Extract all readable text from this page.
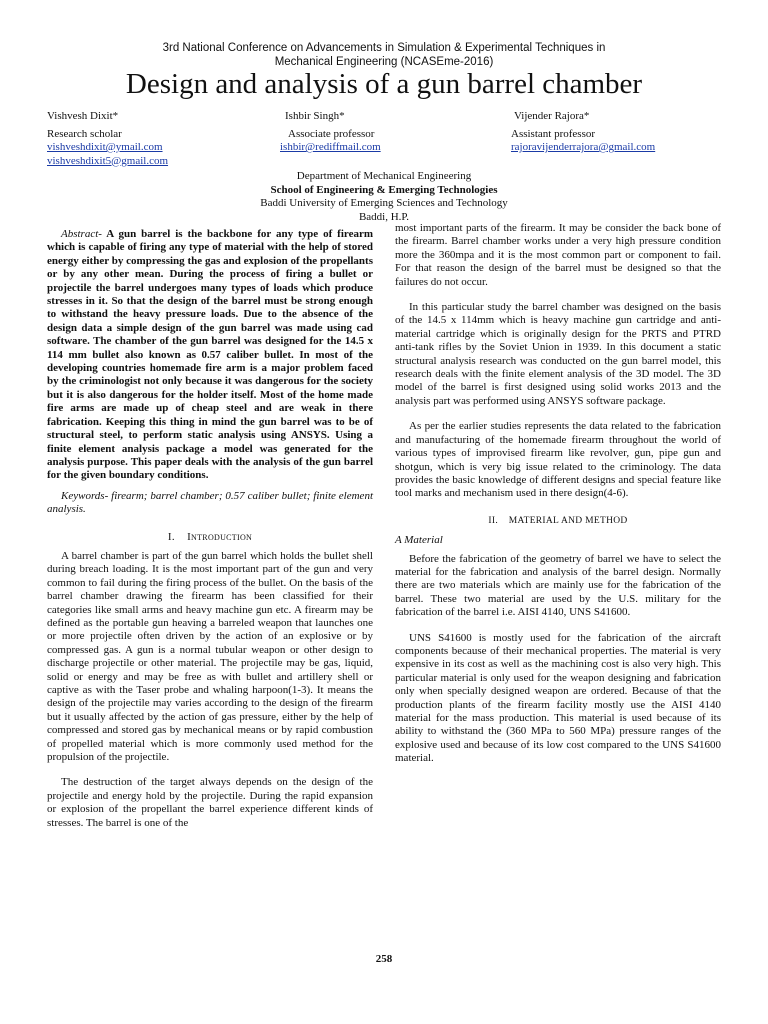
3rd National Conference on Advancements in Simulation & Experimental Techniques in
Mechanical Engineering (NCASEme-2016)
Design and analysis of a gun barrel chamber
Vishvesh Dixit*
Research scholar
vishveshdixit@ymail.com
vishveshdixit5@gmail.com
Ishbir Singh*
Associate professor
ishbir@rediffmail.com
Vijender Rajora*
Assistant professor
rajoravijenderrajora@gmail.com
Department of Mechanical Engineering
School of Engineering & Emerging Technologies
Baddi University of Emerging Sciences and Technology
Baddi, H.P.

Abstract- A gun barrel is the backbone for any type of firearm which is capable of firing any type of material with the help of stored energy either by compressing the gas and explosion of the propellants or by any other mean. During the process of firing a bullet or projectile the barrel undergoes many types of loads which produce stresses in it. So that the design of the barrel must be strong enough to withstand the heavy pressure loads. Due to the absence of the design data a simple design of the gun barrel was made using cad software. The chamber of the gun barrel was designed for the 14.5 x 114 mm bullet also known as 0.57 caliber bullet. In most of the developing countries homemade fire arm is a major problem faced by the criminologist not only because it was dangerous for the society but it is also dangerous for the holder itself. Most of the home made fire arms are made up of cheap steel and are weak in there fabrication. Keeping this thing in mind the gun barrel was to be of structural steel, to perform static analysis using ANSYS. Using a finite element analysis package a model was generated for the analysis purpose. This paper deals with the analysis of the gun barrel for the given boundary conditions.

Keywords- firearm; barrel chamber; 0.57 caliber bullet; finite element analysis.

I. Introduction

A barrel chamber is part of the gun barrel which holds the bullet shell during breach loading. It is the most important part of the gun and very common to fail during the firing process of the bullet. On the basis of the barrel chamber drawing the firearm has been classified for their categories like small arms and heavy machine gun etc. A firearm may be defined as the portable gun heaving a barreled weapon that launches one or more projectile often driven by the action of an explosive or by compressed gas. A gun is a normal tubular weapon or other design to discharge projectile or other material. The projectile may be gas, liquid, solid or energy and may be free as with bullet and artillery shell or captive as with the Taser probe and whaling harpoon(1-3). It means the design of the projectile may varies according to the design of the firearm but it usually affected by the action of gas pressure, either by the help of compressed and stored gas by mechanical means or by rapid combustion of propelled material which is more commonly used method for the propulsion of the projectile.

The destruction of the target always depends on the design of the projectile and energy hold by the projectile. During the rapid expansion or explosion of the propellant the barrel experience different kinds of stresses. The barrel is one of the

most important parts of the firearm. It may be consider the back bone of the firearm. Barrel chamber works under a very high pressure condition more the 360mpa and it is the most common part or component to fail. For that reason the design of the barrel must be designed so that the failures do not occur.

In this particular study the barrel chamber was designed on the basis of the 14.5 x 114mm which is heavy machine gun cartridge and anti-material cartridge which is originally design for the PRTS and PTRD anti-tank rifles by the Soviet Union in 1939. In this document a static structural analysis research was conducted on the gun barrel model, this research deals with the finite element analysis of the 3D model. The 3D model of the barrel is first designed using solid works 2013 and the analysis part was performed using ANSYS software package.

As per the earlier studies represents the data related to the fabrication and manufacturing of the homemade firearm throughout the world of various types of improvised firearm like revolver, gun, pipe gun and shotgun, which is very big issue related to the criminology. The data provides the basic knowledge of different designs and special feature like tool marks and mechanism used in there design(4-6).

II. MATERIAL AND METHOD
A Material

Before the fabrication of the geometry of barrel we have to select the material for the fabrication and analysis of the barrel design. Normally there are two materials which are mainly use for the fabrication of the barrel. These two material are used by the U.S. military for the fabrication of the barrel i.e. AISI 4140, UNS S41600.

UNS S41600 is mostly used for the fabrication of the aircraft components because of their mechanical properties. The material is very expensive in its cost as well as the machining cost is also very high. This particular material is only used for the weapon designing and fabrication only when specially designed weapon are ordered. Because of that the production plants of the firearm facility mostly use the AISI 4140 material for the mass production. This material is used because of its ability to withstand the (360 MPa to 560 MPa) pressure ranges of the explosive used and because of its low cost compared to the UNS S41600 material.

258
